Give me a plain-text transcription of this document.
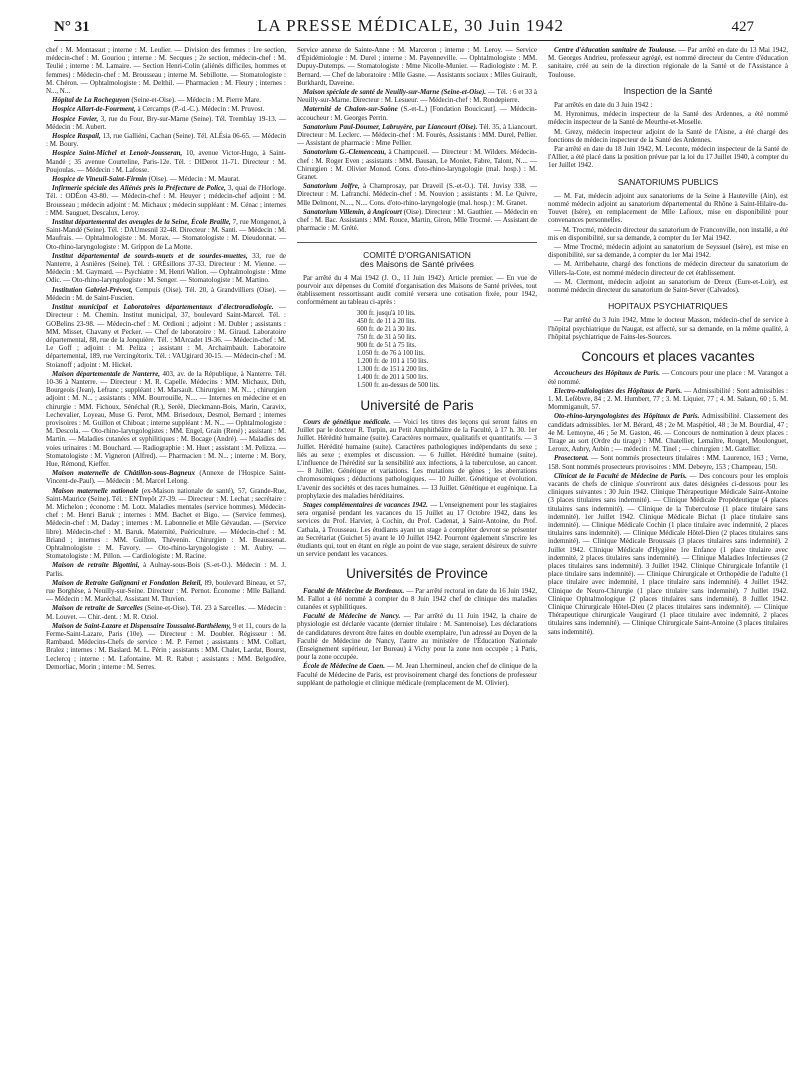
N° 31	LA PRESSE MÉDICALE, 30 Juin 1942	427

chef : M. Montassut ; interne : M. Leulier. — Division des femmes : 1re section, médecin-chef : M. Gouriou ; interne : M. Secques ; 2e section, médecin-chef : M. Teulié ; interne : M. Lamaire. — Section Henri-Colin (aliénés difficiles, hommes et femmes) : Médecin-chef : M. Brousseau ; interne M. Sebillotte. — Stomatologiste : M. Chéron. — Ophtalmologiste : M. Delthil. — Pharmacien : M. Fleury ; internes : N..., N...

Hôpital de La Rocheguyon (Seine-et-Oise). — Médecin : M. Pierre Mare.

Hospice Allart-de-Fourment, à Cercamps (P.-d.-C.). Médecin : M. Pruvost.

Hospice Favier, 3, rue du Four, Bry-sur-Marne (Seine). Tél. Tremblay 19-13. — Médecin : M. Aubert.

Hospice Raspail, 13, rue Galliéni, Cachan (Seine). Tél. ALÉsia 06-65. — Médecin : M. Boury.

Hospice Saint-Michel et Lenoir-Jousseran, 10, avenue Victor-Hugo, à Saint-Mandé ; 35 avenue Courteline, Paris-12e. Tél. : DIDerot 11-71. Directeur : M. Poujoulas. — Médecin : M. Lafosse.

Hospice de Vineuil-Saint-Firmin (Oise). — Médecin : M. Maurat.

Infirmerie spéciale des Aliénés près la Préfecture de Police, 3, quai de l'Horloge. Tél. : ODÉon 43-80. — Médecin-chef : M. Heuyer ; médecin-chef adjoint : M. Brousseau ; médecin adjoint : M. Michaux ; médecin suppléant : M. Cénac ; internes : MM. Sauguet, Descalux, Leroy.

Institut départemental des aveugles de la Seine, École Braille, 7, rue Mongenot, à Saint-Mandé (Seine). Tél. : DAUmesnil 32-48. Directeur : M. Santi. — Médecin : M. Maufrais. — Ophtalmologiste : M. Morax. — Stomatologiste : M. Dieudonnat. — Oto-rhino-laryngologiste : M. Grippon de La Motte.

Institut départemental de sourds-muets et de sourdes-muettes, 33, rue de Nanterre, à Asnières (Seine). Tél. : GRÉsillons 37-33. Directeur : M. Vienne. — Médecin : M. Gaymard. — Psychiatre : M. Henri Wallon. — Ophtalmologiste : Mme Odic. — Oto-rhino-laryngologiste : M. Senger. — Stomatologiste : M. Martino.

Institution Gabriel-Prévost, Cempuis (Oise). Tél. 20, à Grandvilliers (Oise). — Médecin : M. de Saint-Fuscien.

Institut municipal et Laboratoires départementaux d'électroradiologie. — Directeur : M. Chemin. Institut municipal, 37, boulevard Saint-Marcel. Tél. : GOBelins 23-98. — Médecin-chef : M. Ordioni ; adjoint : M. Dubler ; assistants : MM. Misset, Chavany et Pecker. — Chef de laboratoire : M. Giraud. Laboratoire départemental, 88, rue de la Jonquière. Tél. : MArcadet 19-36. — Médecin-chef : M. Le Goff ; adjoint : M. Peliza ; assistant : M. Archaimbault. Laboratoire départemental, 189, rue Vercingétorix. Tél. : VAUgirard 30-15. — Médecin-chef : M. Stoianoff ; adjoint : M. Hickel.

Maison départementale de Nanterre, 403, av. de la République, à Nanterre. Tél. 10-36 à Nanterre. — Directeur : M. R. Capelle. Médecins : MM. Michaux, Dith, Bourgeois (Jean), Lefranc ; suppléant : M. Marsault. Chirurgien : M. N... ; chirurgien adjoint : M. N... ; assistants : MM. Bourrouille, N.... — Internes en médecine et en chirurgie : MM. Fichoux, Sénéchal (R.), Seréè, Dieckmann-Bois, Marin, Caravix, Lechevalier, Loyeau, Muse G. Perot, MM. Brisedoux, Desmol, Bernard ; internes provisoires : M. Guillon et Chiboat ; interne suppléant : M. N... — Ophtalmologiste : M. Descola. — Oto-rhino-laryngologistes : MM. Engel, Grain (René) ; assistant : M. Martin. — Maladies cutanées et syphilitiques : M. Bocage (André). — Maladies des voies urinaires : M. Bouchard. — Radiographie : M. Huet ; assistant : M. Pelizza. — Stomatologiste : M. Vigneron (Alfred). — Pharmacien : M. N... ; interne : M. Bory, Hue, Rémond, Kieffer.

Maison maternelle de Châtillon-sous-Bagneux (Annexe de l'Hospice Saint-Vincent-de-Paul). — Médecin : M. Marcel Lelong.

Maison maternelle nationale (ex-Maison nationale de santé), 57, Grande-Rue, Saint-Maurice (Seine). Tél. : ENTrepôt 27-39. — Directeur : M. Lechat ; secrétaire : M. Michelon ; économe : M. Lotz. Maladies mentales (service hommes). Médecin-chef : M. Henri Baruk ; internes : MM. Bachet et Bigo. — (Service femmes). Médecin-chef : M. Daday ; internes : M. Labonnelie et Mlle Gévaudan. — (Service libre). Médecin-chef : M. Baruk. Maternité, Puériculture. — Médecin-chef : M. Briand ; internes : MM. Guillon, Thévenin. Chirurgien : M. Beaussenat. Ophtalmologiste : M. Favory. — Oto-rhino-laryngologiste : M. Aubry. — Stomatologiste : M. Pillon. — Cardiologiste : M. Racine.

Maison de retraite Bigottini, à Aulnay-sous-Bois (S.-et-O.). Médecin : M. J. Parlis.

Maison de Retraite Galignani et Fondation Belœil, 89, boulevard Bineau, et 57, rue Borghèse, à Neuilly-sur-Seine. Directeur : M. Pernot. Économe : Mlle Balland. — Médecin : M. Maréchal, Assistant M. Thuvien.

Maison de retraite de Sarcelles (Seine-et-Oise). Tél. 23 à Sarcelles. — Médecin : M. Louvet. — Chir.-dent. : M. R. Oziol.

Maison de Saint-Lazare et Dispensaire Toussaint-Barthélemy, 9 et 11, cours de la Ferme-Saint-Lazare, Paris (10e). — Directeur : M. Doubler. Régisseur : M. Rambaud. Médecins-Chefs de service : M. P. Fernet ; assistants : MM. Collart, Bralez ; internes : M. Baslard. M. L. Périn ; assistants : MM. Chalet, Lardat, Bourst, Leclercq ; interne : M. Lafontaine. M. R. Rabut ; assistants : MM. Belgodère, Demorliac, Morin ; interne : M. Serres.

Service annexe de Sainte-Anne : M. Marceron ; interne : M. Leroy. — Service d'Épidémiologie : M. Durel ; interne : M. Payenneville. — Ophtalmologiste : MM. Dupuy-Dutemps. — Stomatologiste : Mme Nicolle-Munier. — Radiologiste : M. P. Bernard. — Chef de laboratoire : Mlle Gasne. — Assistants sociaux : Mlles Guirault, Burkhardt, Daveine.

Maison spéciale de santé de Neuilly-sur-Marne (Seine-et-Oise). — Tél. : 6 et 33 à Neuilly-sur-Marne. Directeur : M. Lesueur. — Médecin-chef : M. Rondepierre.

Maternité de Chalon-sur-Saône (S.-et-L.) [Fondation Boucicaut]. — Médecin-accoucheur : M. Georges Perrin.

Sanatorium Paul-Doumer, Labruyère, par Liancourt (Oise). Tél. 35, à Liancourt. Directeur : M. Leclerc. — Médecin-chef : M. Fourès, Assistants : MM. Durel, Pellier. — Assistant de pharmacie : Mme Pellier.

Sanatorium G.-Clemenceau, à Champcueil. — Directeur : M. Wilders. Médecin-chef : M. Roger Even ; assistants : MM. Bausan, Le Moniet, Fabre, Talont, N.... — Chirurgien : M. Olivier Monod. Cons. d'oto-rhino-laryngologie (mal. hosp.) : M. Granet.

Sanatorium Jolfre, à Champrosay, par Draveil (S.-et-O.). Tél. Juvisy 338. — Directeur : M. Lafranchi. Médecin-chef : M. Nouvion ; assistants : M. Le Quivre, Mlle Delmont, N...., N.... Cons. d'oto-rhino-laryngologie (mal. hosp.) : M. Granet.

Sanatorium Villemin, à Angicourt (Oise). Directeur : M. Gauthier. — Médecin en chef : M. Bac. Assistants : MM. Rouce, Martin, Giron, Mlle Trocmé. — Assistant de pharmacie : M. Grété.

COMITÉ D'ORGANISATION
des Maisons de Santé privées

Par arrêté du 4 Mai 1942 (J. O., 11 Juin 1942). Article premier. — En vue de pourvoir aux dépenses du Comité d'organisation des Maisons de Santé privées, tout établissement ressortissant audit comité versera une cotisation fixée, pour 1942, conformément au tableau ci-après :

300 fr. jusqu'à 10 lits.
450 fr. de 11 à 20 lits.
600 fr. de 21 à 30 lits.
750 fr. de 31 à 50 lits.
900 fr. de 51 à 75 lits.
1.050 fr. de 76 à 100 lits.
1.200 fr. de 101 à 150 lits.
1.300 fr. de 151 à 200 lits.
1.400 fr. de 201 à 500 lits.
1.500 fr. au-dessus de 500 lits.
Université de Paris

Cours de génétique médicale. — Voici les titres des leçons qui seront faites en Juillet par le docteur R. Turpin, au Petit Amphithéâtre de la Faculté, à 17 h. 30. 1er Juillet. Hérédité humaine (suite). Caractères normaux, qualitatifs et quantitatifs. — 3 Juillet. Hérédité humaine (suite). Caractères pathologiques indépendants du sexe ; liés au sexe ; exemples et discussion. — 6 Juillet. Hérédité humaine (suite). L'influence de l'hérédité sur la sensibilité aux infections, à la tuberculose, au cancer. — 8 Juillet. Génétique et variations. Les mutations de gènes ; les aberrations chromosomiques ; déductions pathologiques. — 10 Juillet. Génétique et évolution. L'avenir des sociétés et des races humaines. — 13 Juillet. Génétique et eugénique. La prophylaxie des maladies héréditaires.

Stages complémentaires de vacances 1942. — L'enseignement pour les stagiaires sera organisé pendant les vacances du 15 Juillet au 17 Octobre 1942, dans les services du Prof. Harvier, à Cochin, du Prof. Cadenat, à Saint-Antoine, du Prof. Cathala, à Trousseau. Les étudiants ayant un stage à compléter devront se présenter au Secrétariat (Guichet 5) avant le 10 Juillet 1942. Pourront également s'inscrire les étudiants qui, tout en étant en règle au point de vue stage, seraient désireux de suivre un service pendant les vacances.

Universités de Province

Faculté de Médecine de Bordeaux. — Par arrêté rectoral en date du 16 Juin 1942, M. Fallot a été nommé à compter du 8 Juin 1942 chef de clinique des maladies cutanées et syphilitiques.

Faculté de Médecine de Nancy. — Par arrêté du 11 Juin 1942, la chaire de physiologie est déclarée vacante (dernier titulaire : M. Santenoise). Les déclarations de candidatures devront être faites en double exemplaire, l'un adressé au Doyen de la Faculté de Médecine de Nancy, l'autre au ministère de l'Éducation Nationale (Enseignement supérieur, 1er Bureau) à Vichy pour la zone non occupée ; à Paris, pour la zone occupée.

École de Médecine de Caen. — M. Jean Lhermineul, ancien chef de clinique de la Faculté de Médecine de Paris, est provisoirement chargé des fonctions de professeur suppléant de pathologie et clinique médicale (remplacement de M. Olivier).

Centre d'éducation sanitaire de Toulouse. — Par arrêté en date du 13 Mai 1942, M. Georges Andrieu, professeur agrégé, est nommé directeur du Centre d'éducation sanitaire, créé au sein de la direction régionale de la Santé et de l'Assistance à Toulouse.

Inspection de la Santé

Par arrêtés en date du 3 Juin 1942 :

M. Hyronimus, médecin inspecteur de la Santé des Ardennes, a été nommé médecin inspecteur de la Santé de Meurthe-et-Moselle.

M. Grezy, médecin inspecteur adjoint de la Santé de l'Aisne, a été chargé des fonctions de médecin inspecteur de la Santé des Ardennes.

Par arrêté en date du 18 Juin 1942, M. Leconte, médecin inspecteur de la Santé de l'Allier, a été placé dans la position prévue par la loi du 17 Juillet 1940, à compter du 1er Juillet 1942.

SANATORIUMS PUBLICS

— M. Fat, médecin adjoint aux sanatoriums de la Seine à Hauteville (Ain), est nommé médecin adjoint au sanatorium départemental du Rhône à Saint-Hilaire-du-Touvet (Isère), en remplacement de Mlle Lafioux, mise en disponibilité pour convenances personnelles.

— M. Trocmé, médecin directeur du sanatorium de Franconville, non installé, a été mis en disponibilité, sur sa demande, à compter du 1er Mai 1942.

— Mme Trocmé, médecin adjoint au sanatorium de Seyssuel (Isère), est mise en disponibilité, sur sa demande, à compter du 1er Mai 1942.

— M. Arribehaute, chargé des fonctions de médecin directeur du sanatorium de Villers-la-Cote, est nommé médecin directeur de cet établissement.

— M. Clermont, médecin adjoint au sanatorium de Dreux (Eure-et-Loir), est nommé médecin directeur du sanatorium de Saint-Sever (Calvados).

HOPITAUX PSYCHIATRIQUES

— Par arrêté du 3 Juin 1942, Mme le docteur Masson, médecin-chef de service à l'hôpital psychiatrique du Naugat, est affecté, sur sa demande, en la même qualité, à l'hôpital psychiatrique de Fains-les-Sources.

Concours et places vacantes

Accoucheurs des Hôpitaux de Paris. — Concours pour une place : M. Varangot a été nommé.

Electro-radiologistes des Hôpitaux de Paris. — Admissibilité : Sont admissibles : 1. M. Lefèbvre, 84 ; 2. M. Humbert, 77 ; 3. M. Liquier, 77 ; 4. M. Salaun, 60 ; 5. M. Mommiganult, 57.

Oto-rhino-laryngologistes des Hôpitaux de Paris. Admissibilité. Classement des candidats admissibles. 1er M. Bérard, 48 ; 2e M. Maspétiol, 48 ; 3e M. Bourdial, 47 ; 4e M. Lemoyne, 46 ; 5e M. Gaston, 46. — Concours de nomination à deux places : Tirage au sort (Ordre du tirage) : MM. Chatellier, Lemaître, Rouget, Moulonguet, Leroux, Aubry, Aubin ; — médecin : M. Tinel ; — chirurgien : M. Gatellier.

Prosectorat. — Sont nommés prosecteurs titulaires : MM. Laurence, 163 ; Verne, 158. Sont nommés prosecteurs provisoires : MM. Debeyre, 153 ; Champeau, 150.

Clinicat de la Faculté de Médecine de Paris. — Des concours pour les emplois vacants de chefs de clinique s'ouvriront aux dates désignées ci-dessous pour les cliniques suivantes : 30 Juin 1942. Clinique Thérapeutique Médicale Saint-Antoine (3 places titulaires sans indemnité). — Clinique Médicale Propédeutique (4 places titulaires sans indemnité). — Clinique de la Tuberculose (1 place titulaire sans indemnité). 1er Juillet 1942. Clinique Médicale Bichat (1 place titulaire sans indemnité). — Clinique Médicale Cochin (1 place titulaire avec indemnité, 2 places titulaires sans indemnité). — Clinique Médicale Hôtel-Dieu (2 places titulaires sans indemnité). — Clinique Médicale Broussais (3 places titulaires sans indemnité). 2 Juillet 1942. Clinique Médicale d'Hygiène 1re Enfance (1 place titulaire avec indemnité, 2 places titulaires sans indemnité). — Clinique Maladies Infectieuses (2 places titulaires sans indemnité). 3 Juillet 1942. Clinique Chirurgicale Infantile (1 place titulaire sans indemnité). — Clinique Chirurgicale et Orthopédie de l'adulte (1 place titulaire avec indemnité, 1 place titulaire sans indemnité). 4 Juillet 1942. Clinique de Neuro-Chirurgie (1 place titulaire sans indemnité). 7 Juillet 1942. Clinique Ophtalmologique (2 places titulaires sans indemnité). 8 Juillet 1942. Clinique Chirurgicale Hôtel-Dieu (2 places titulaires sans indemnité). — Clinique Thérapeutique chirurgicale Vaugirard (1 place titulaire avec indemnité, 2 places titulaires sans indemnité). — Clinique Chirurgicale Saint-Antoine (3 places titulaires sans indemnité).
